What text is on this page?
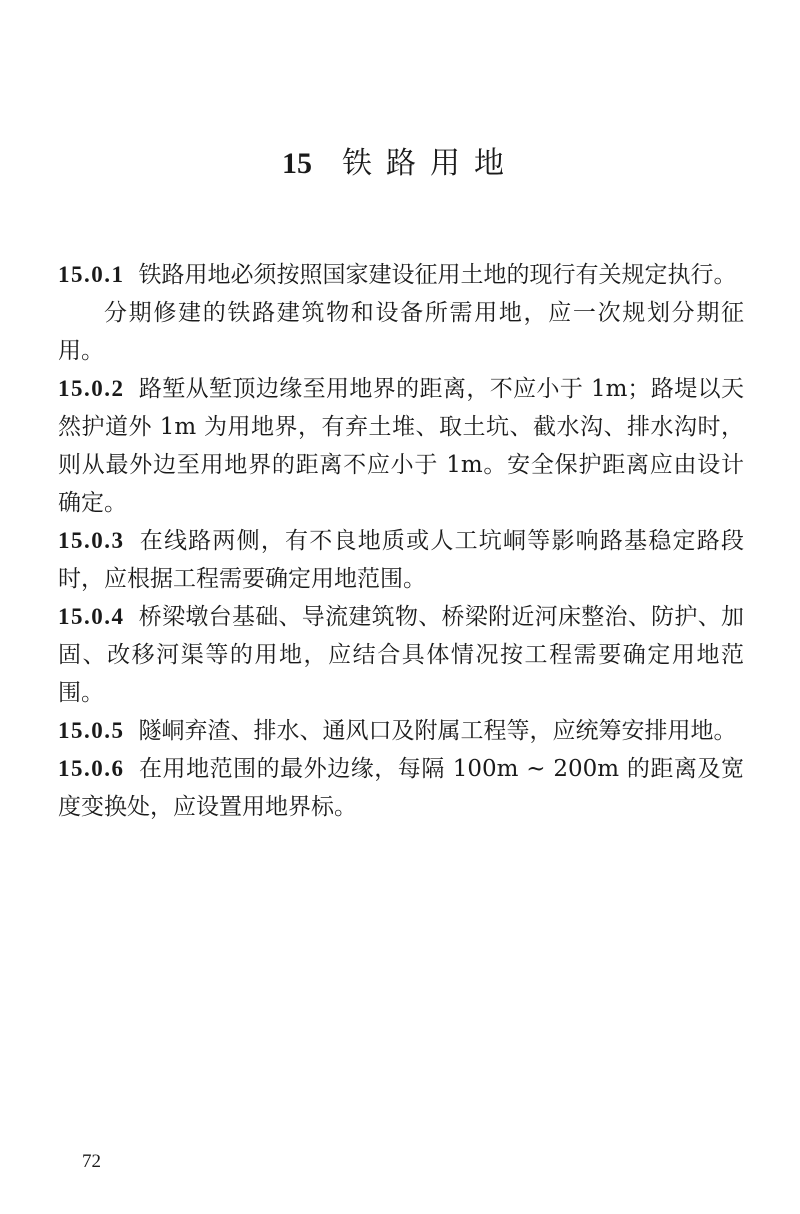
15 铁路用地

15.0.1 铁路用地必须按照国家建设征用土地的现行有关规定执行。

分期修建的铁路建筑物和设备所需用地，应一次规划分期征用。

15.0.2 路堑从堑顶边缘至用地界的距离，不应小于 1m；路堤以天然护道外 1m 为用地界，有弃土堆、取土坑、截水沟、排水沟时，则从最外边至用地界的距离不应小于 1m。安全保护距离应由设计确定。

15.0.3 在线路两侧，有不良地质或人工坑峒等影响路基稳定路段时，应根据工程需要确定用地范围。

15.0.4 桥梁墩台基础、导流建筑物、桥梁附近河床整治、防护、加固、改移河渠等的用地，应结合具体情况按工程需要确定用地范围。

15.0.5 隧峒弃渣、排水、通风口及附属工程等，应统筹安排用地。

15.0.6 在用地范围的最外边缘，每隔 100m ~ 200m 的距离及宽度变换处，应设置用地界标。

72
